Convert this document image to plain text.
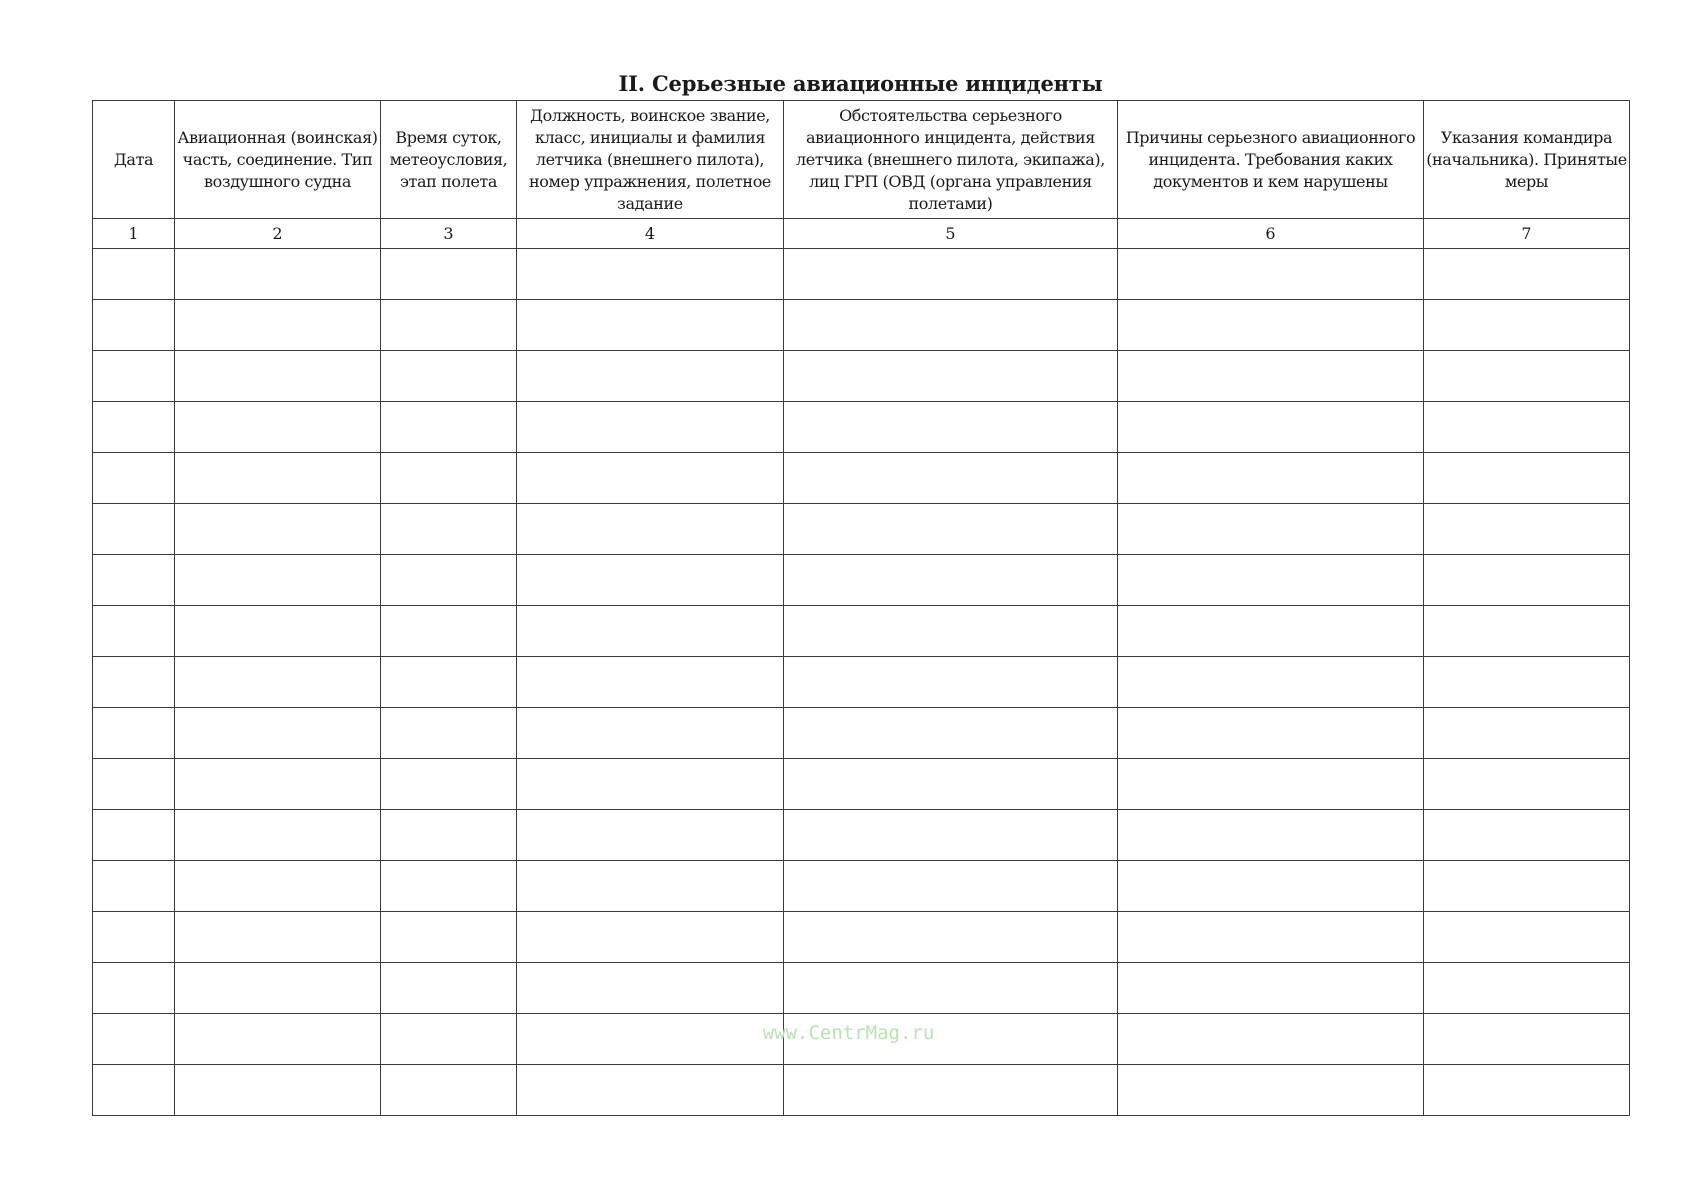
II. Серьезные авиационные инциденты
Дата	Авиационная (воинская) часть, соединение. Тип воздушного судна	Время суток, метеоусловия, этап полета	Должность, воинское звание, класс, инициалы и фамилия летчика (внешнего пилота), номер упражнения, полетное задание	Обстоятельства серьезного авиационного инцидента, действия летчика (внешнего пилота, экипажа), лиц ГРП (ОВД (органа управления полетами)	Причины серьезного авиационного инцидента. Требования каких документов и кем нарушены	Указания командира (начальника). Принятые меры
1	2	3	4	5	6	7

www.CentrMag.ru
